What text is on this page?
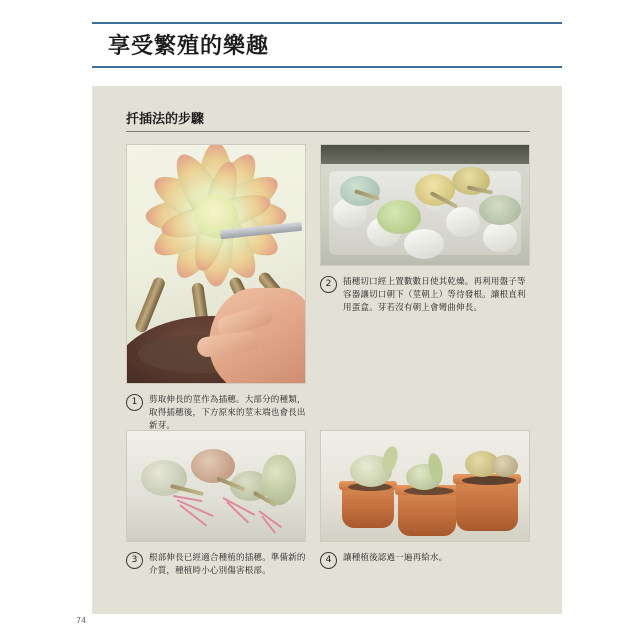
享受繁殖的樂趣
扦插法的步驟
1	剪取伸長的莖作為插穗。大部分的種類，取得插穗後，下方原來的莖末端也會長出新芽。
2	插穗切口經上置數數日使其乾燥。再利用盤子等容器讓切口朝下（莖朝上）等待發根。讓根直利用蛋盒。芽若沒有朝上會彎曲伸長。
3	根部伸長已經適合種植的插穗。準備新的介質，種植時小心別傷害根部。
4	讓種植後認過一遍再給水。
74
